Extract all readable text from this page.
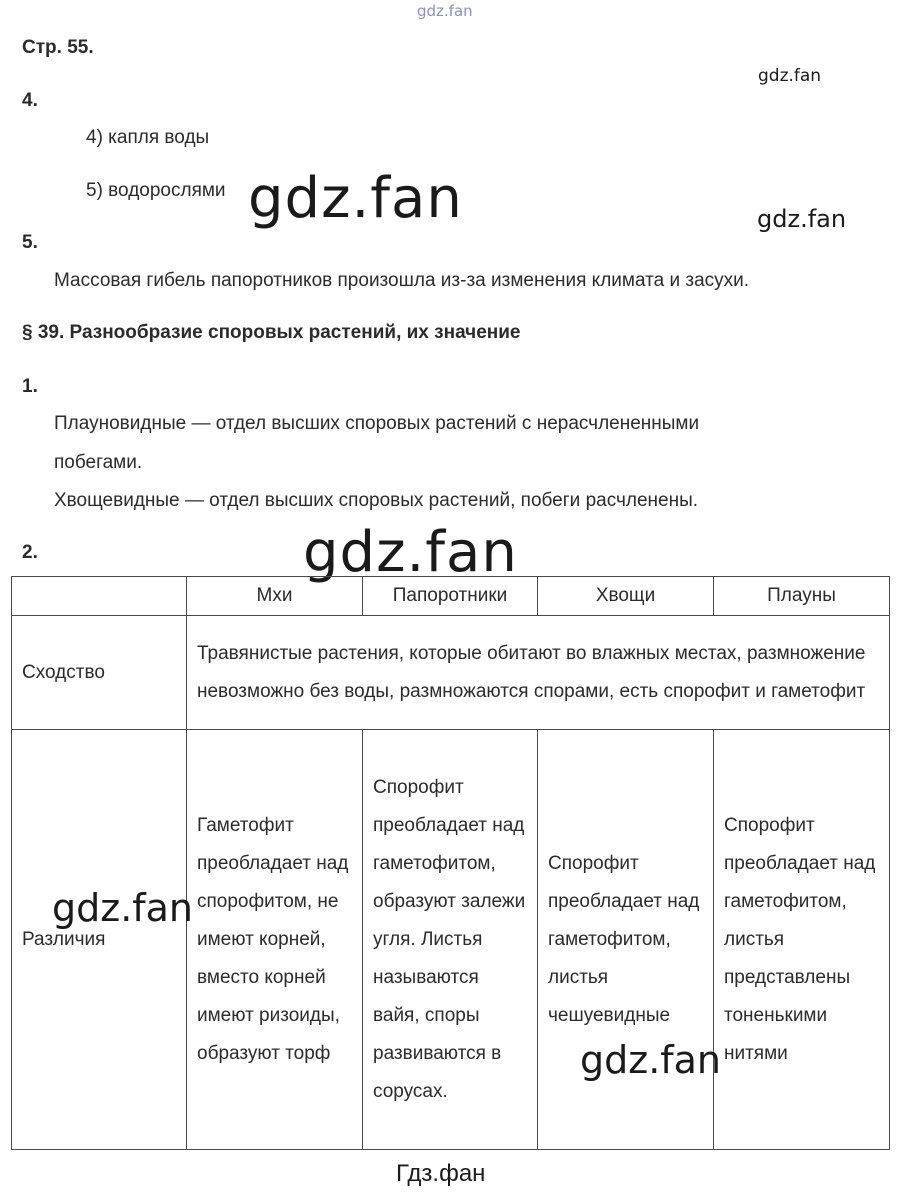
gdz.fan
gdz.fan
gdz.fan	gdz.fan
gdz.fan
Стр. 55.
4.
4) капля воды
5) водорослями
5.
Массовая гибель папоротников произошла из-за изменения климата и засухи.
§ 39. Разнообразие споровых растений, их значение
1.
Плауновидные — отдел высших споровых растений с нерасчлененными
побегами.
Хвощевидные — отдел высших споровых растений, побеги расчленены.
2.
	Мхи	Папоротники	Хвощи	Плауны
Сходство	Травянистые растения, которые обитают во влажных местах, размножение невозможно без воды, размножаются спорами, есть спорофит и гаметофит			
Различия	Гаметофит преобладает над спорофитом, не имеют корней, вместо корней имеют ризоиды, образуют торф	Спорофит преобладает над гаметофитом, образуют залежи угля. Листья называются вайя, споры развиваются в сорусах.	Спорофит преобладает над гаметофитом, листья чешуевидные	Спорофит преобладает над гаметофитом, листья представлены тоненькими нитями
gdz.fan
gdz.fan
Гдз.фан
